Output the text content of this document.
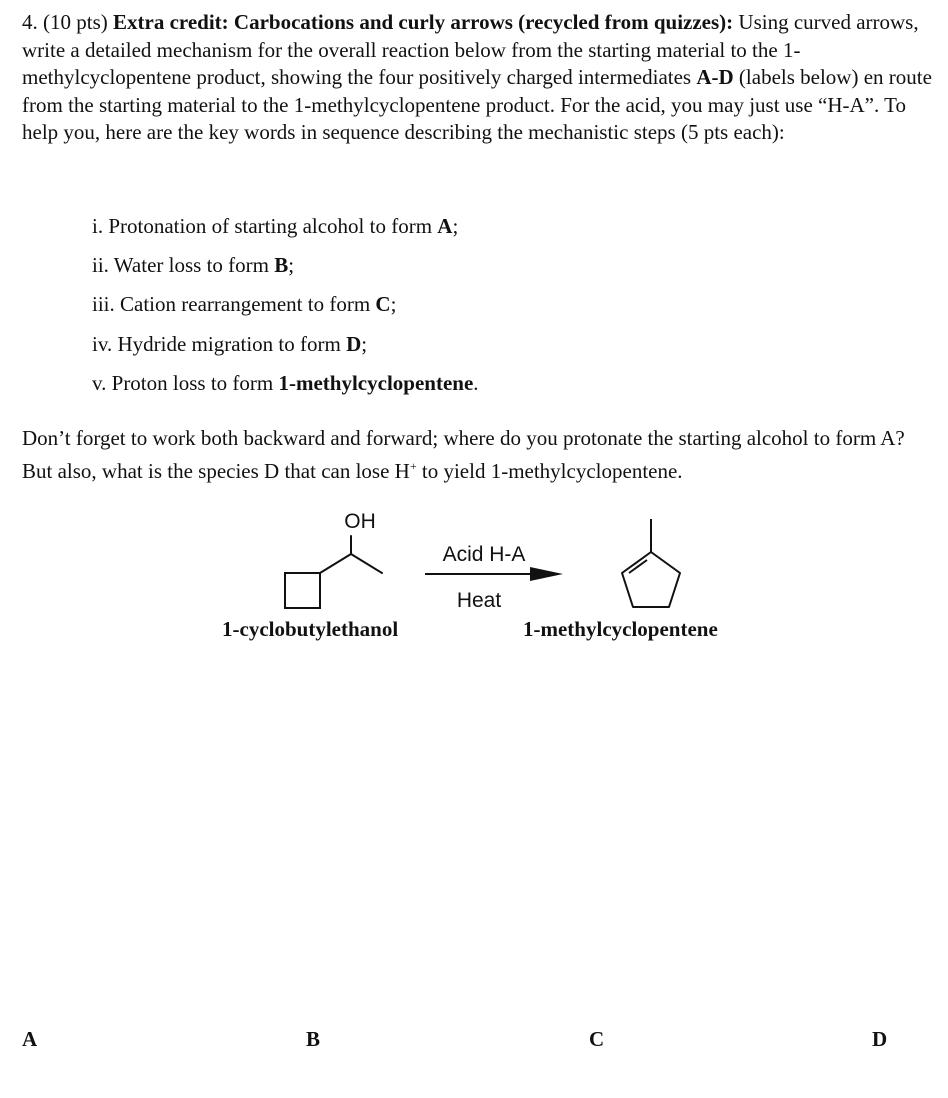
4. (10 pts) Extra credit: Carbocations and curly arrows (recycled from quizzes): Using curved arrows, write a detailed mechanism for the overall reaction below from the starting material to the 1-methylcyclopentene product, showing the four positively charged intermediates A-D (labels below) en route from the starting material to the 1-methylcyclopentene product. For the acid, you may just use “H-A”. To help you, here are the key words in sequence describing the mechanistic steps (5 pts each):

i. Protonation of starting alcohol to form A;
ii. Water loss to form B;
iii. Cation rearrangement to form C;
iv. Hydride migration to form D;
v. Proton loss to form 1-methylcyclopentene.

Don’t forget to work both backward and forward; where do you protonate the starting alcohol to form A? But also, what is the species D that can lose H+ to yield 1-methylcyclopentene.

OH
Acid H-A
Heat
1-cyclobutylethanol	1-methylcyclopentene
A	B	C	D
